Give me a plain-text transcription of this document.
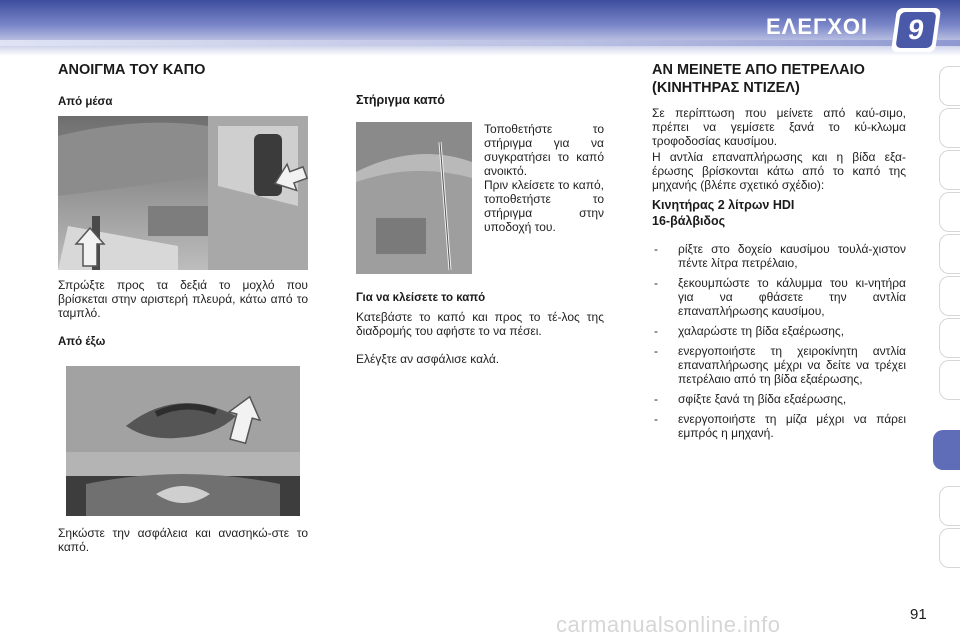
ΕΛΕΓΧΟΙ	9
ΑΝΟΙΓΜΑ ΤΟΥ ΚΑΠΟ
Από μέσα
Σπρώξτε προς τα δεξιά το μοχλό που βρίσκεται στην αριστερή πλευρά, κάτω από το ταμπλό.
Από έξω
Σηκώστε την ασφάλεια και ανασηκώ-στε το καπό.
Στήριγμα καπό
Τοποθετήστε το στήριγμα για να συγκρατήσει το καπό ανοικτό.
Πριν κλείσετε το καπό, τοποθετήστε το στήριγμα στην υποδοχή του.
Για να κλείσετε το καπό
Κατεβάστε το καπό και προς το τέ-λος της διαδρομής του αφήστε το να πέσει.
Ελέγξτε αν ασφάλισε καλά.
ΑΝ ΜΕΙΝΕΤΕ ΑΠΟ ΠΕΤΡΕΛΑΙΟ
(ΚΙΝΗΤΗΡΑΣ ΝΤΙΖΕΛ)
Σε περίπτωση που μείνετε από καύ-σιμο, πρέπει να γεμίσετε ξανά το κύ-κλωμα τροφοδοσίας καυσίμου.
Η αντλία επαναπλήρωσης και η βίδα εξα-έρωσης βρίσκονται κάτω από το καπό της μηχανής (βλέπε σχετικό σχέδιο):
Κινητήρας 2 λίτρων HDI
16-βάλβιδος
- ρίξτε στο δοχείο καυσίμου τουλά-χιστον πέντε λίτρα πετρέλαιο,
- ξεκουμπώστε το κάλυμμα του κι-νητήρα για να φθάσετε την αντλία επαναπλήρωσης καυσίμου,
- χαλαρώστε τη βίδα εξαέρωσης,
- ενεργοποιήστε τη χειροκίνητη αντλία επαναπλήρωσης μέχρι να δείτε να τρέχει πετρέλαιο από τη βίδα εξαέρωσης,
- σφίξτε ξανά τη βίδα εξαέρωσης,
- ενεργοποιήστε τη μίζα μέχρι να πάρει εμπρός η μηχανή.
carmanualsonline.info	91
